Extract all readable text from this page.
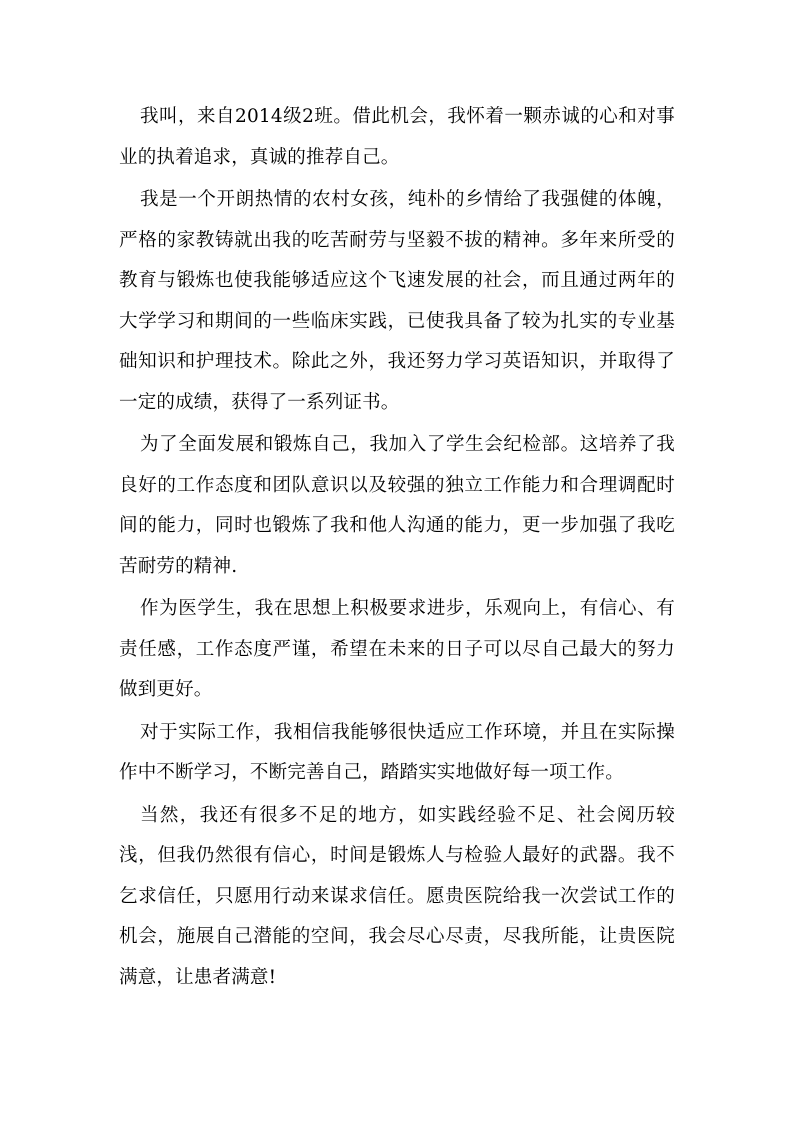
我叫，来自2014级2班。借此机会，我怀着一颗赤诚的心和对事业的执着追求，真诚的推荐自己。

我是一个开朗热情的农村女孩，纯朴的乡情给了我强健的体魄，严格的家教铸就出我的吃苦耐劳与坚毅不拔的精神。多年来所受的教育与锻炼也使我能够适应这个飞速发展的社会，而且通过两年的大学学习和期间的一些临床实践，已使我具备了较为扎实的专业基础知识和护理技术。除此之外，我还努力学习英语知识，并取得了一定的成绩，获得了一系列证书。

为了全面发展和锻炼自己，我加入了学生会纪检部。这培养了我良好的工作态度和团队意识以及较强的独立工作能力和合理调配时间的能力，同时也锻炼了我和他人沟通的能力，更一步加强了我吃苦耐劳的精神.

作为医学生，我在思想上积极要求进步，乐观向上，有信心、有责任感，工作态度严谨，希望在未来的日子可以尽自己最大的努力做到更好。

对于实际工作，我相信我能够很快适应工作环境，并且在实际操作中不断学习，不断完善自己，踏踏实实地做好每一项工作。

当然，我还有很多不足的地方，如实践经验不足、社会阅历较浅，但我仍然很有信心，时间是锻炼人与检验人最好的武器。我不乞求信任，只愿用行动来谋求信任。愿贵医院给我一次尝试工作的机会，施展自己潜能的空间，我会尽心尽责，尽我所能，让贵医院满意，让患者满意!
